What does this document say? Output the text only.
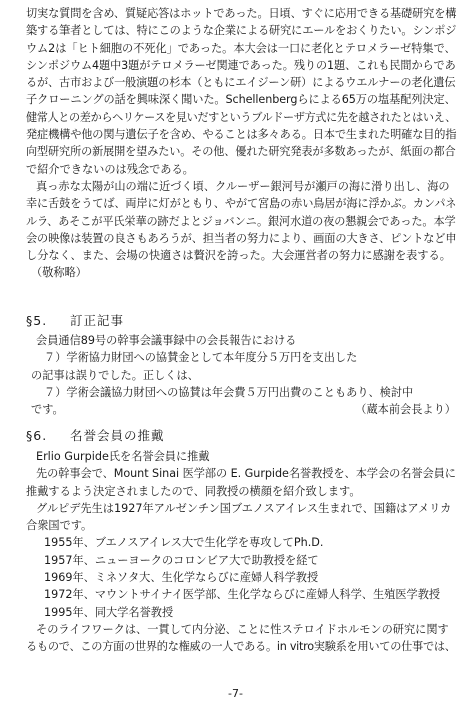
切実な質問を含め、質疑応答はホットであった。日頃、すぐに応用できる基礎研究を構

築する筆者としては、特にこのような企業による研究にエールをおくりたい。シンポジ

ウム2は「ヒト細胞の不死化」であった。本大会は一口に老化とテロメラーゼ特集で、

シンポジウム4題中3題がテロメラーゼ関連であった。残りの1題、これも民間からであ

るが、古市および一般演題の杉本（ともにエイジーン研）によるウエルナーの老化遺伝

子クローニングの話を興味深く聞いた。Schellenbergらによる65万の塩基配列決定、

健常人との差からヘリケースを見いだすというブルドーザ方式に先を越されたとはいえ、

発症機構や他の関与遺伝子を含め、やることは多々ある。日本で生まれた明確な目的指

向型研究所の新展開を望みたい。その他、優れた研究発表が多数あったが、紙面の都合

で紹介できないのは残念である。

真っ赤な太陽が山の端に近づく頃、クルーザー銀河号が瀬戸の海に滑り出し、海の

幸に舌鼓をうてば、両岸に灯がともり、やがて宮島の赤い鳥居が海に浮かぶ。カンパネ

ルラ、あそこが平氏栄華の跡だよとジョバンニ。銀河水道の夜の懇親会であった。本学

会の映像は装置の良さもあろうが、担当者の努力により、画面の大きさ、ピントなど申

し分なく、また、会場の快適さは贅沢を誇った。大会運営者の努力に感謝を表する。

（敬称略）

§5. 訂正記事

会員通信89号の幹事会議事録中の会長報告における

７）学術協力財団への協賛金として本年度分５万円を支出した

の記事は誤りでした。正しくは、

７）学術会議協力財団への協賛は年会費５万円出費のこともあり、検討中

です。	（蔵本前会長より）

§6. 名誉会員の推戴

Erlio Gurpide氏を名誉会員に推戴

先の幹事会で、Mount Sinai 医学部の E. Gurpide名誉教授を、本学会の名誉会員に

推戴するよう決定されましたので、同教授の横顔を紹介致します。

グルピデ先生は1927年アルゼンチン国ブエノスアイレス生まれで、国籍はアメリカ

合衆国です。

1955年、ブエノスアイレス大で生化学を専攻してPh.D.

1957年、ニューヨークのコロンビア大で助教授を経て

1969年、ミネソタ大、生化学ならびに産婦人科学教授

1972年、マウントサイナイ医学部、生化学ならびに産婦人科学、生殖医学教授

1995年、同大学名誉教授

そのライフワークは、一貫して内分泌、ことに性ステロイドホルモンの研究に関す

るもので、この方面の世界的な権威の一人である。in vitro実験系を用いての仕事では、

-7-
